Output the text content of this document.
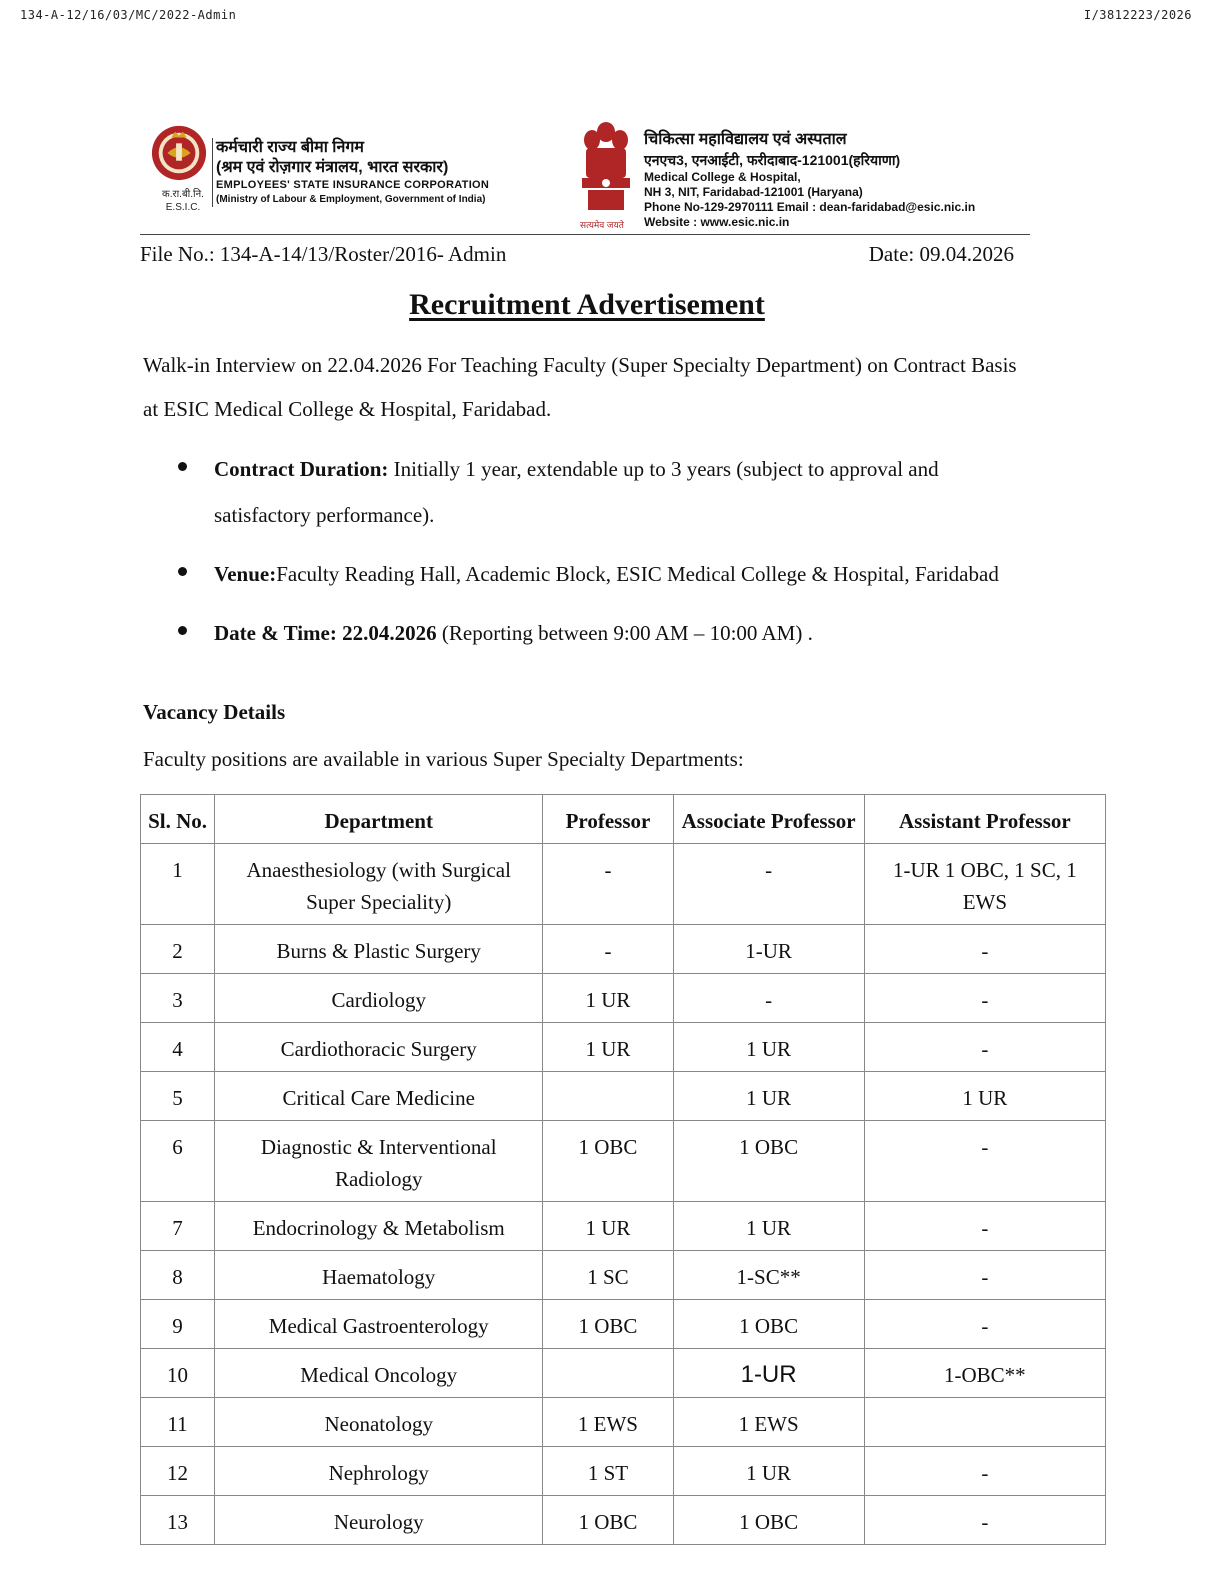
134-A-12/16/03/MC/2022-Admin	I/3812223/2026
क.रा.बी.नि.
E.S.I.C.
कर्मचारी राज्य बीमा निगम
(श्रम एवं रोज़गार मंत्रालय, भारत सरकार)
EMPLOYEES' STATE INSURANCE CORPORATION
(Ministry of Labour & Employment, Government of India)
सत्यमेव जयते
चिकित्सा महाविद्यालय एवं अस्पताल
एनएच3, एनआईटी, फरीदाबाद-121001(हरियाणा)
Medical College & Hospital,
NH 3, NIT, Faridabad-121001 (Haryana)
Phone No-129-2970111 Email : dean-faridabad@esic.nic.in
Website : www.esic.nic.in
File No.: 134-A-14/13/Roster/2016- Admin	Date: 09.04.2026
Recruitment Advertisement
Walk-in Interview on 22.04.2026 For Teaching Faculty (Super Specialty Department) on Contract Basis at ESIC Medical College & Hospital, Faridabad.
Contract Duration: Initially 1 year, extendable up to 3 years (subject to approval and satisfactory performance).
Venue:Faculty Reading Hall, Academic Block, ESIC Medical College & Hospital, Faridabad
Date & Time: 22.04.2026 (Reporting between 9:00 AM – 10:00 AM) .
Vacancy Details
Faculty positions are available in various Super Specialty Departments:
Sl. No.	Department	Professor	Associate Professor	Assistant Professor
1	Anaesthesiology (with Surgical Super Speciality)	-	-	1-UR 1 OBC, 1 SC, 1 EWS
2	Burns & Plastic Surgery	-	1-UR	-
3	Cardiology	1 UR	-	-
4	Cardiothoracic Surgery	1 UR	1 UR	-
5	Critical Care Medicine		1 UR	1 UR
6	Diagnostic & Interventional Radiology	1 OBC	1 OBC	-
7	Endocrinology & Metabolism	1 UR	1 UR	-
8	Haematology	1 SC	1-SC**	-
9	Medical Gastroenterology	1 OBC	1 OBC	-
10	Medical Oncology		1-UR	1-OBC**
11	Neonatology	1 EWS	1 EWS	
12	Nephrology	1 ST	1 UR	-
13	Neurology	1 OBC	1 OBC	-
